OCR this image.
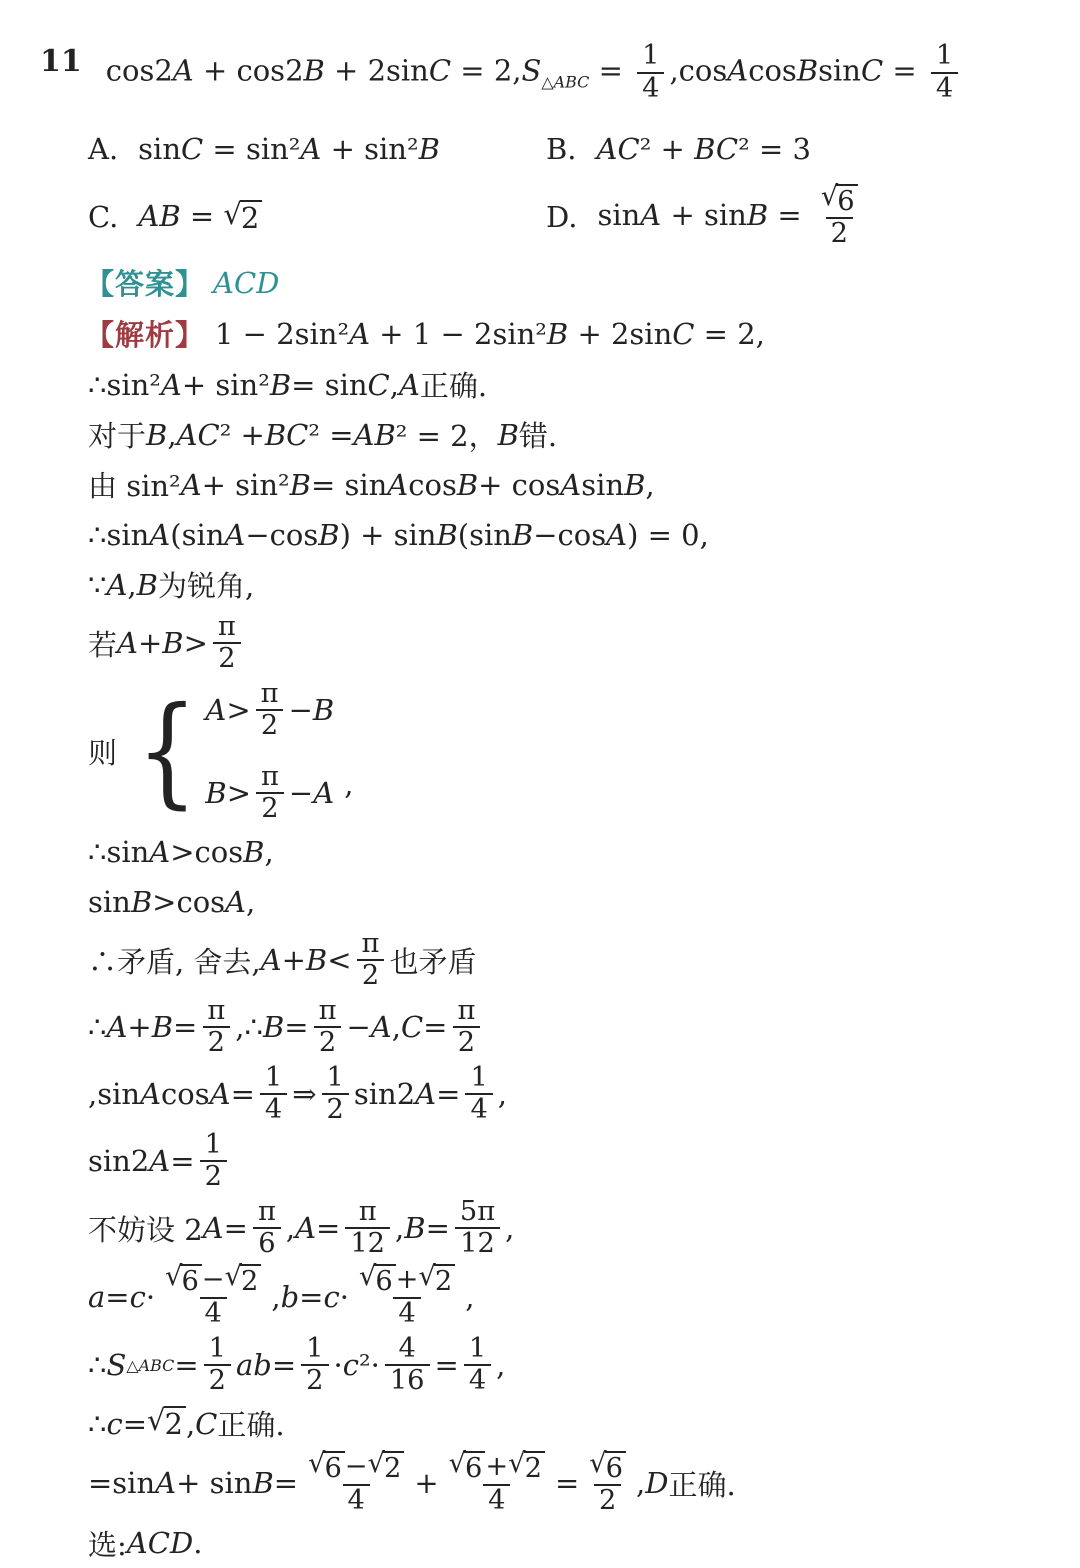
11 $\cos 2A + \cos 2B + 2\sin C = 2,S_{\triangle ABC} = \frac{1}{4}$ ,cosAcosBsinC = $\frac{1}{4}$
A. sinC = sin²A + sin²B	B. AC² + BC² = 3
C. AB = √ 2	D. $\sin A + \sin B = \frac{√ 6}{2}$
【答案】 ACD
【解析】 1 − 2sin²A + 1 − 2sin²B + 2sinC = 2,
∴sin² A + sin² B = sin C , A 正确.
对于 B , A C ² + B C ² = A B ² = 2， B 错.
由 sin² A + sin² B = sin A cos B + cos A sin B ,
∴sin A (sin A −cos B ) + sin B (sin B −cos A ) = 0,
∵ A , B 为锐角,
若 $A + B > \frac{\pi}{2}$
则 { $A > \frac{\pi}{2} - B$
$B > \frac{\pi}{2} - A$ ,
∴sin A >cos B ,
sin B >cos A ,
∴矛盾, 舍去, $A + B < \frac{\pi}{2}$ 也矛盾
∴ $A + B = \frac{\pi}{2}$ ,∴ $B = \frac{\pi}{2} - A$ , $C = \frac{\pi}{2}$
,sin A $\cos A = \frac{1}{4}$ ⇒ $\frac{1}{2} \sin 2$ $A = \frac{1}{4}$ ,
sin2 $A = \frac{1}{2}$
不妨设 2 $A = \frac{\pi}{6}$ , $A = \frac{\pi}{12}$ , $B = \frac{5\pi}{12}$ ,
$a = c \cdot \frac{√ 6 - √ 2}{4}$ , $b = c \cdot \frac{√ 6 + √ 2}{4}$ ,
∴ S △ABC = $\frac{1}{2}$ a $b = \frac{1}{2} \cdot c$ $^2\cdot \frac{4}{16} = \frac{1}{4}$ ,
∴ c = √ 2 , C 正确.
=sin $A + \sin B = \frac{√ 6 - √ 2}{4} + \frac{√ 6 + √ 2}{4} = \frac{√ 6}{2}$ , D 正确.
选: A C D .
